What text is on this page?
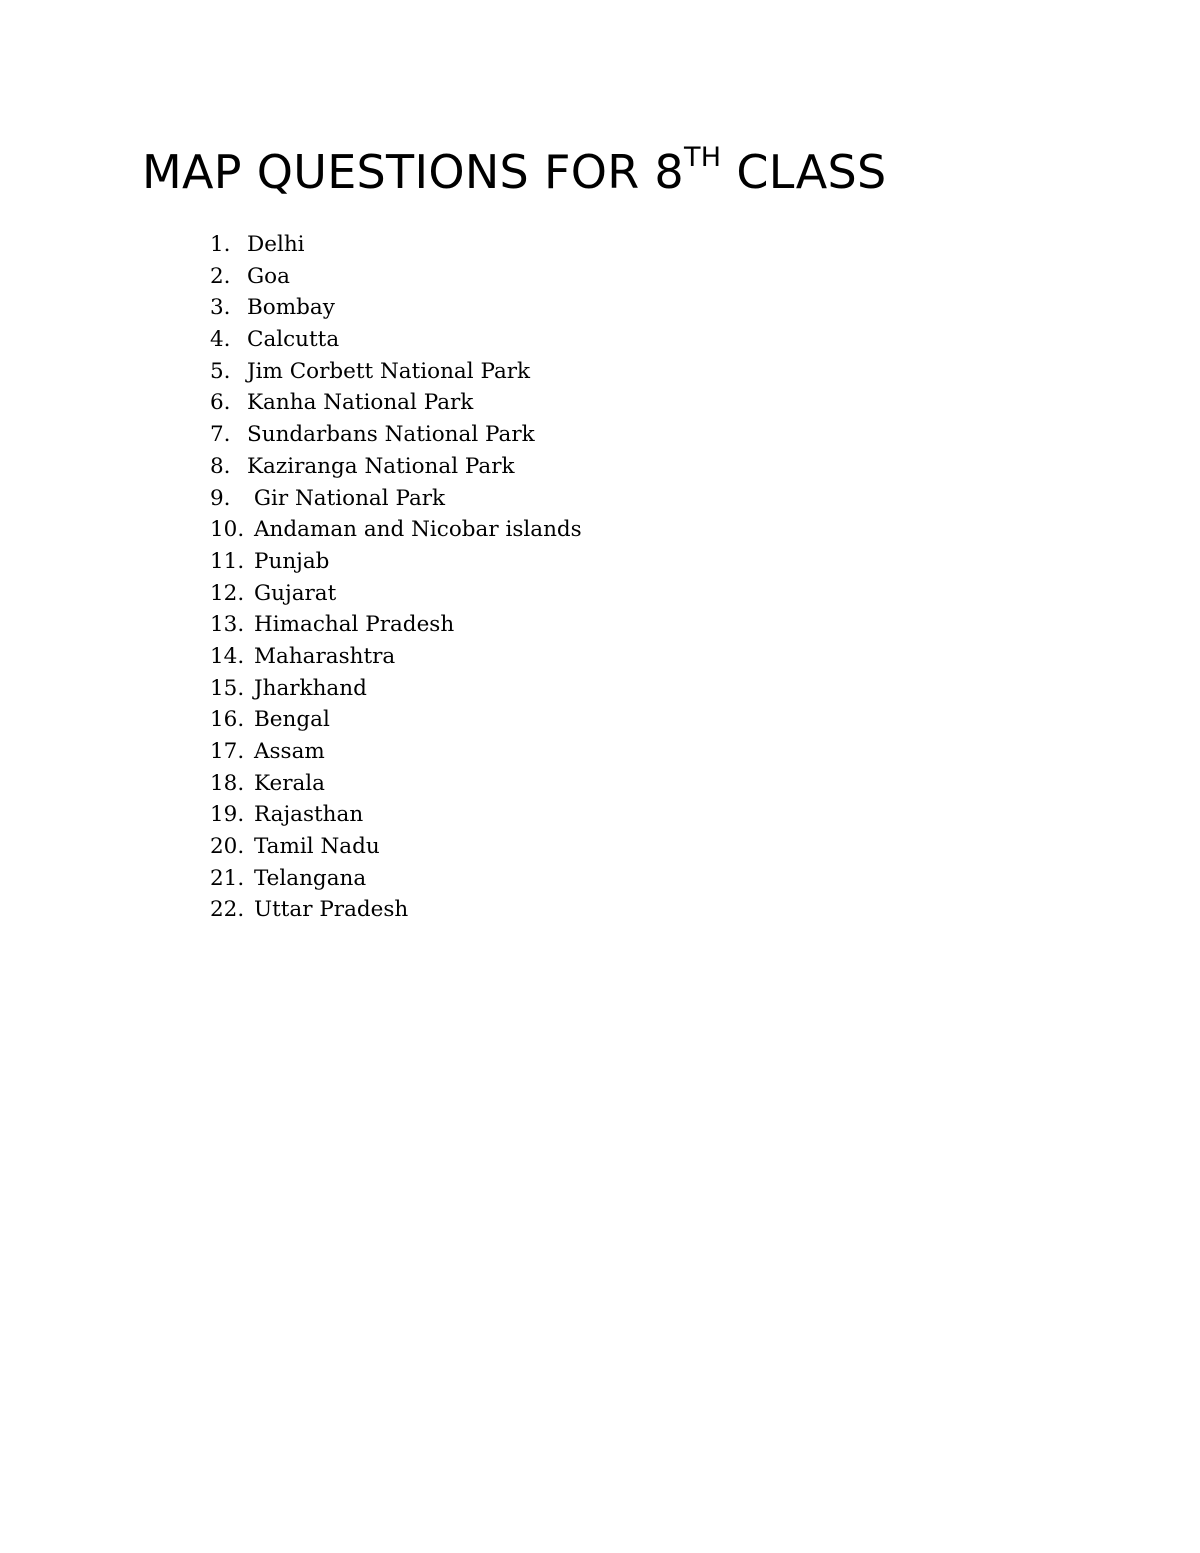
MAP QUESTIONS FOR 8TH CLASS
1. Delhi
2. Goa
3. Bombay
4. Calcutta
5. Jim Corbett National Park
6. Kanha National Park
7. Sundarbans National Park
8. Kaziranga National Park
9. Gir National Park
10. Andaman and Nicobar islands
11. Punjab
12. Gujarat
13. Himachal Pradesh
14. Maharashtra
15. Jharkhand
16. Bengal
17. Assam
18. Kerala
19. Rajasthan
20. Tamil Nadu
21. Telangana
22. Uttar Pradesh
